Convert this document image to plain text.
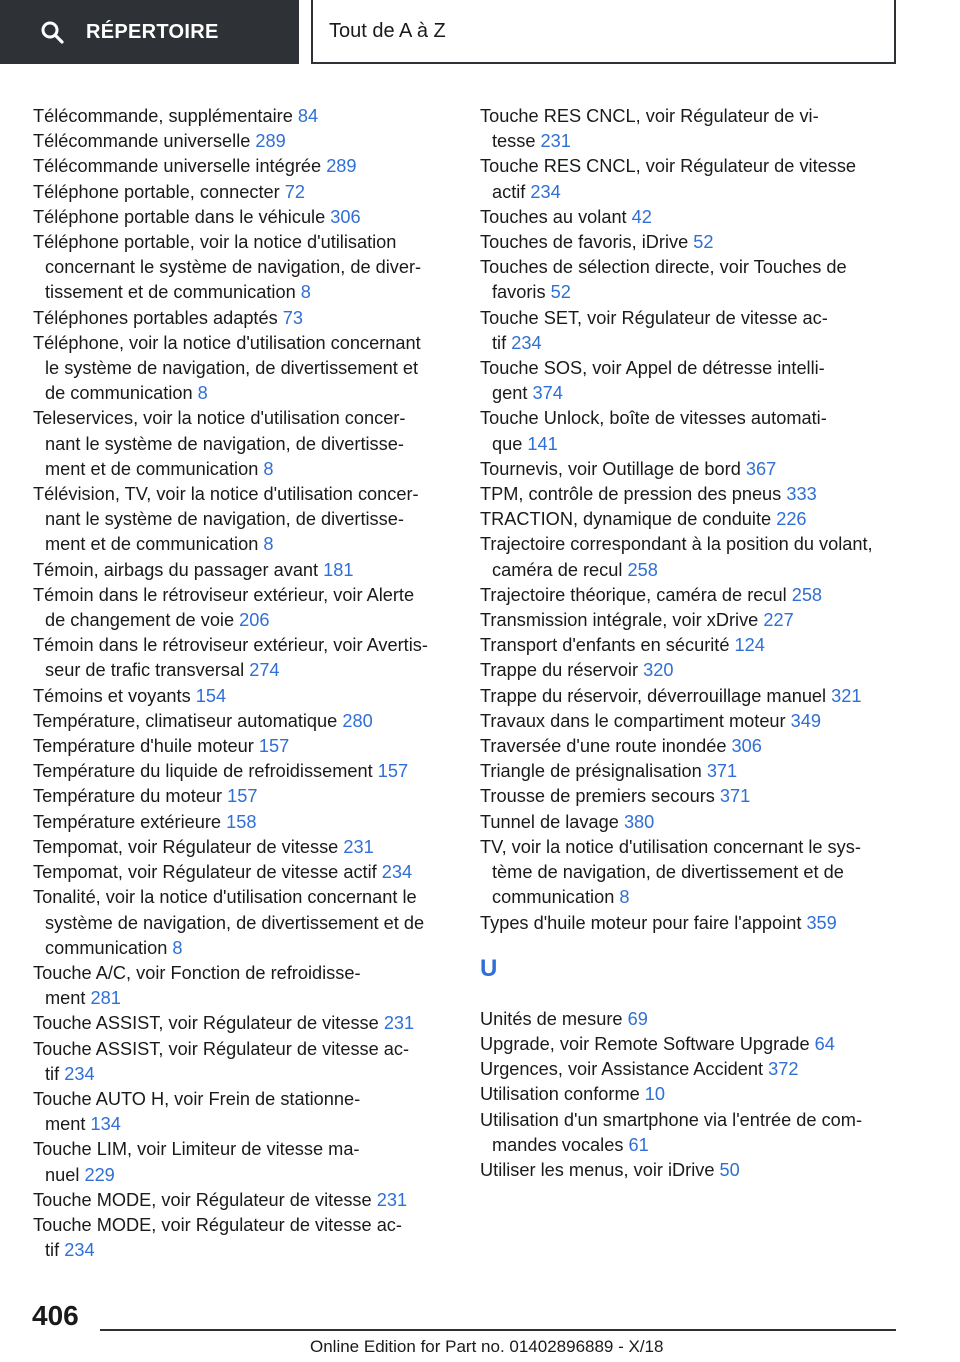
RÉPERTOIRE	Tout de A à Z
Télécommande, supplémentaire 84
Télécommande universelle 289
Télécommande universelle intégrée 289
Téléphone portable, connecter 72
Téléphone portable dans le véhicule 306
Téléphone portable, voir la notice d'utilisation
concernant le système de navigation, de diver‐
tissement et de communication 8
Téléphones portables adaptés 73
Téléphone, voir la notice d'utilisation concernant
le système de navigation, de divertissement et
de communication 8
Teleservices, voir la notice d'utilisation concer‐
nant le système de navigation, de divertisse‐
ment et de communication 8
Télévision, TV, voir la notice d'utilisation concer‐
nant le système de navigation, de divertisse‐
ment et de communication 8
Témoin, airbags du passager avant 181
Témoin dans le rétroviseur extérieur, voir Alerte
de changement de voie 206
Témoin dans le rétroviseur extérieur, voir Avertis‐
seur de trafic transversal 274
Témoins et voyants 154
Température, climatiseur automatique 280
Température d'huile moteur 157
Température du liquide de refroidissement 157
Température du moteur 157
Température extérieure 158
Tempomat, voir Régulateur de vitesse 231
Tempomat, voir Régulateur de vitesse actif 234
Tonalité, voir la notice d'utilisation concernant le
système de navigation, de divertissement et de
communication 8
Touche A/C, voir Fonction de refroidisse‐
ment 281
Touche ASSIST, voir Régulateur de vitesse 231
Touche ASSIST, voir Régulateur de vitesse ac‐
tif 234
Touche AUTO H, voir Frein de stationne‐
ment 134
Touche LIM, voir Limiteur de vitesse ma‐
nuel 229
Touche MODE, voir Régulateur de vitesse 231
Touche MODE, voir Régulateur de vitesse ac‐
tif 234
Touche RES CNCL, voir Régulateur de vi‐
tesse 231
Touche RES CNCL, voir Régulateur de vitesse
actif 234
Touches au volant 42
Touches de favoris, iDrive 52
Touches de sélection directe, voir Touches de
favoris 52
Touche SET, voir Régulateur de vitesse ac‐
tif 234
Touche SOS, voir Appel de détresse intelli‐
gent 374
Touche Unlock, boîte de vitesses automati‐
que 141
Tournevis, voir Outillage de bord 367
TPM, contrôle de pression des pneus 333
TRACTION, dynamique de conduite 226
Trajectoire correspondant à la position du volant,
caméra de recul 258
Trajectoire théorique, caméra de recul 258
Transmission intégrale, voir xDrive 227
Transport d'enfants en sécurité 124
Trappe du réservoir 320
Trappe du réservoir, déverrouillage manuel 321
Travaux dans le compartiment moteur 349
Traversée d'une route inondée 306
Triangle de présignalisation 371
Trousse de premiers secours 371
Tunnel de lavage 380
TV, voir la notice d'utilisation concernant le sys‐
tème de navigation, de divertissement et de
communication 8
Types d'huile moteur pour faire l'appoint 359
U
Unités de mesure 69
Upgrade, voir Remote Software Upgrade 64
Urgences, voir Assistance Accident 372
Utilisation conforme 10
Utilisation d'un smartphone via l'entrée de com‐
mandes vocales 61
Utiliser les menus, voir iDrive 50
406
Online Edition for Part no. 01402896889 - X/18
